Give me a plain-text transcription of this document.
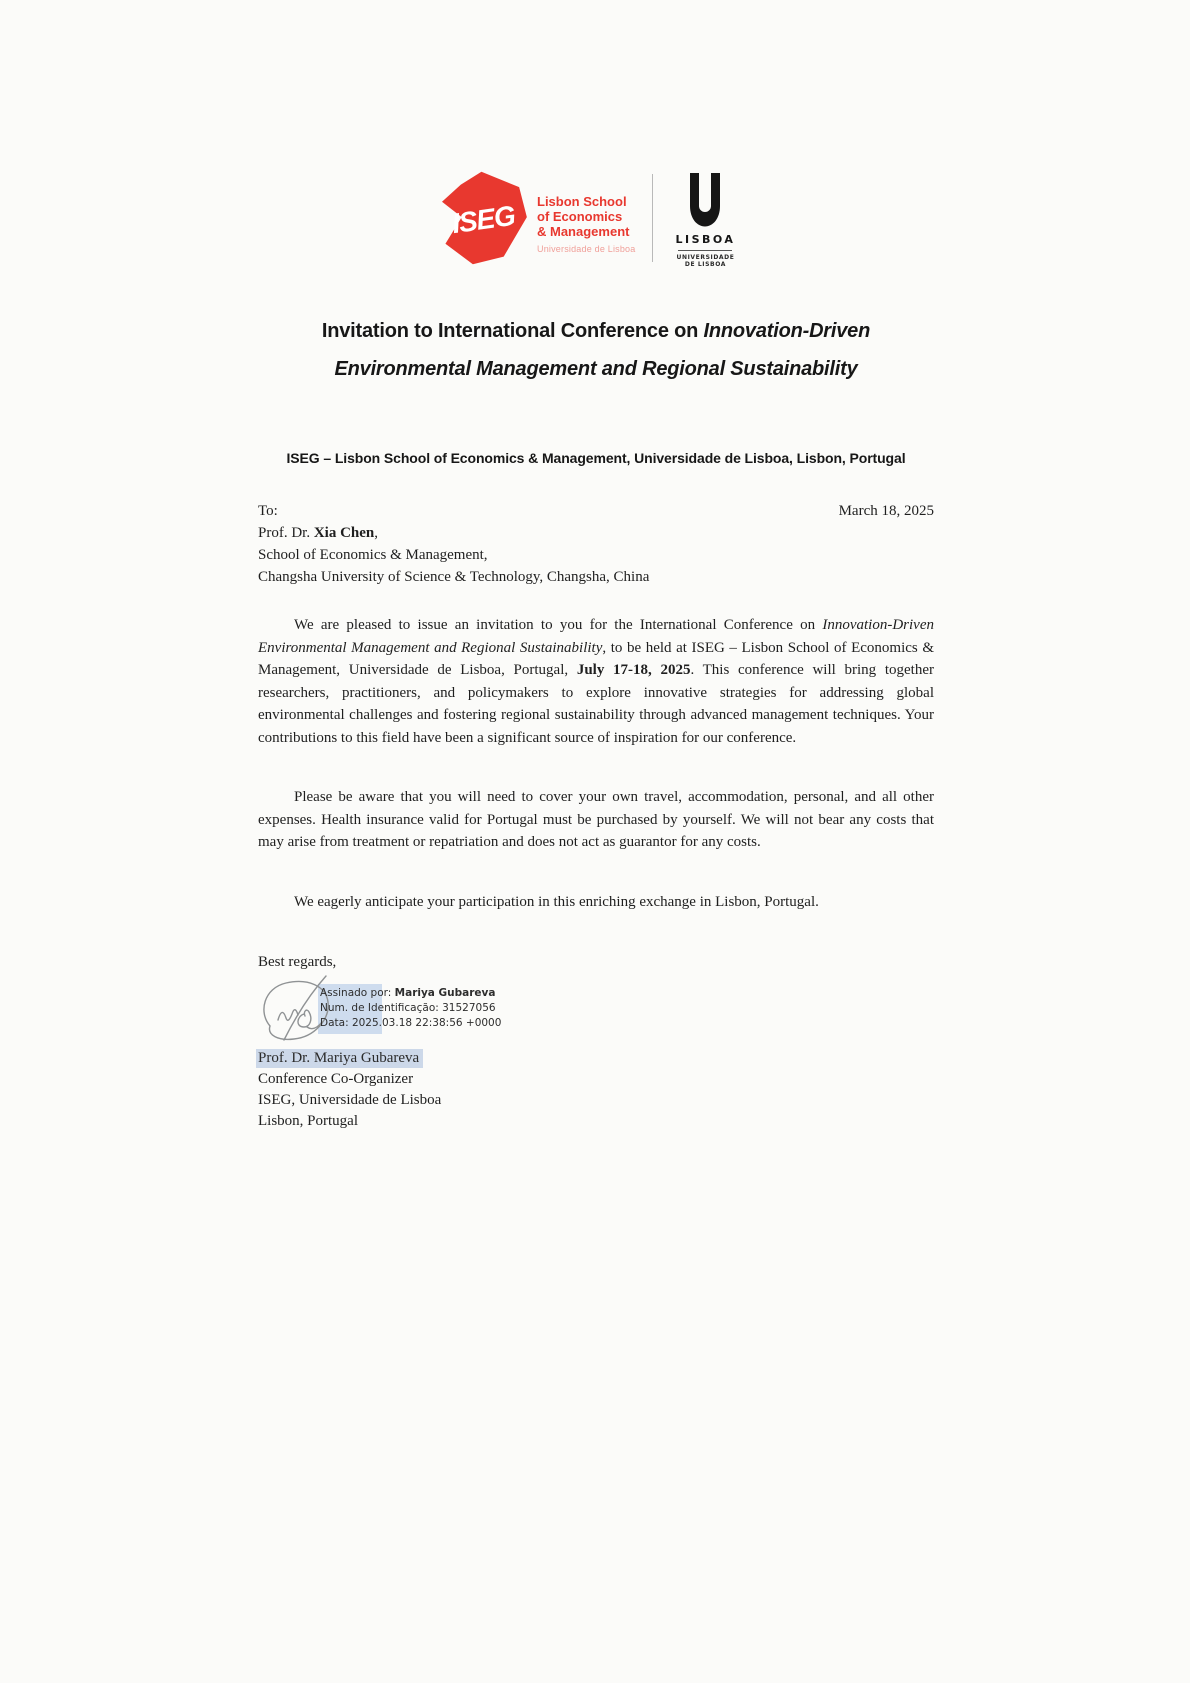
ISEG Lisbon School
of Economics
& Management
Universidade de Lisboa
LISBOA
UNIVERSIDADE
DE LISBOA
Invitation to International Conference on Innovation-Driven
Environmental Management and Regional Sustainability
ISEG – Lisbon School of Economics & Management, Universidade de Lisboa, Lisbon, Portugal
To:	March 18, 2025
Prof. Dr. Xia Chen,
School of Economics & Management,
Changsha University of Science & Technology, Changsha, China

We are pleased to issue an invitation to you for the International Conference on Innovation-Driven Environmental Management and Regional Sustainability, to be held at ISEG – Lisbon School of Economics & Management, Universidade de Lisboa, Portugal, July 17-18, 2025. This conference will bring together researchers, practitioners, and policymakers to explore innovative strategies for addressing global environmental challenges and fostering regional sustainability through advanced management techniques. Your contributions to this field have been a significant source of inspiration for our conference.

Please be aware that you will need to cover your own travel, accommodation, personal, and all other expenses. Health insurance valid for Portugal must be purchased by yourself. We will not bear any costs that may arise from treatment or repatriation and does not act as guarantor for any costs.

We eagerly anticipate your participation in this enriching exchange in Lisbon, Portugal.

Best regards,
Assinado por: Mariya Gubareva
Num. de Identificação: 31527056
Data: 2025.03.18 22:38:56 +0000
Prof. Dr. Mariya Gubareva
Conference Co-Organizer
ISEG, Universidade de Lisboa
Lisbon, Portugal
